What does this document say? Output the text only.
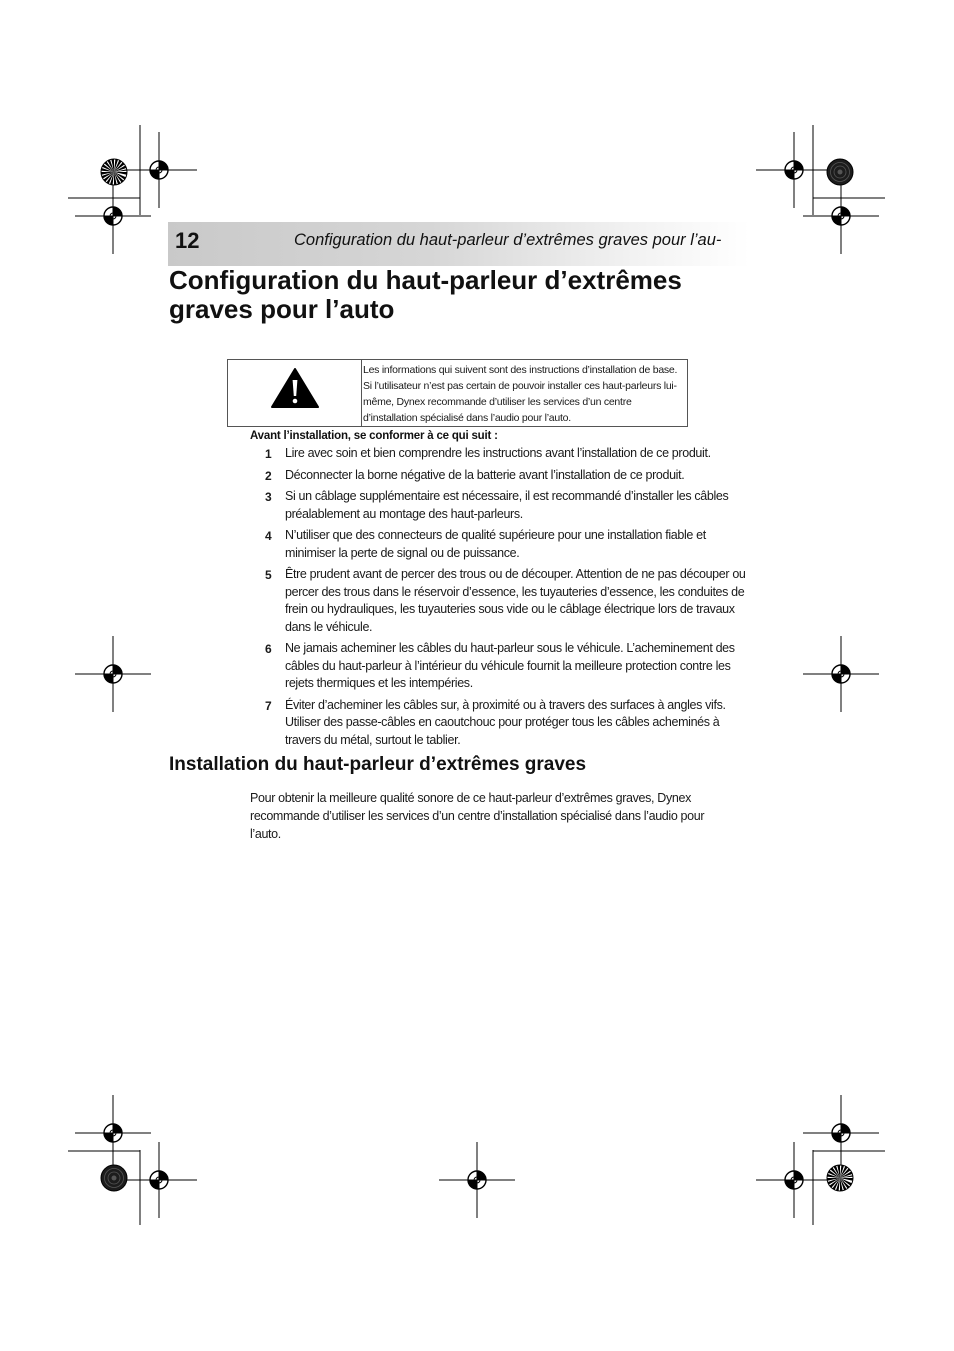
12	Configuration du haut-parleur d’extrêmes graves pour l’au-
Configuration du haut-parleur d’extrêmes
graves pour l’auto

Les informations qui suivent sont des instructions d’installation de base. Si l’utilisateur n’est pas certain de pouvoir installer ces haut-parleurs lui-même, Dynex recommande d’utiliser les services d’un centre d’installation spécialisé dans l’audio pour l’auto.

Avant l’installation, se conformer à ce qui suit :

1 Lire avec soin et bien comprendre les instructions avant l’installation de ce produit.
2 Déconnecter la borne négative de la batterie avant l’installation de ce produit.
3 Si un câblage supplémentaire est nécessaire, il est recommandé d’installer les câbles préalablement au montage des haut-parleurs.
4 N’utiliser que des connecteurs de qualité supérieure pour une installation fiable et minimiser la perte de signal ou de puissance.
5 Être prudent avant de percer des trous ou de découper. Attention de ne pas découper ou percer des trous dans le réservoir d’essence, les tuyauteries d’essence, les conduites de frein ou hydrauliques, les tuyauteries sous vide ou le câblage électrique lors de travaux dans le véhicule.
6 Ne jamais acheminer les câbles du haut-parleur sous le véhicule. L’acheminement des câbles du haut-parleur à l’intérieur du véhicule fournit la meilleure protection contre les rejets thermiques et les intempéries.
7 Éviter d’acheminer les câbles sur, à proximité ou à travers des surfaces à angles vifs. Utiliser des passe-câbles en caoutchouc pour protéger tous les câbles acheminés à travers du métal, surtout le tablier.
Installation du haut-parleur d’extrêmes graves

Pour obtenir la meilleure qualité sonore de ce haut-parleur d’extrêmes graves, Dynex recommande d’utiliser les services d’un centre d’installation spécialisé dans l’audio pour l’auto.
